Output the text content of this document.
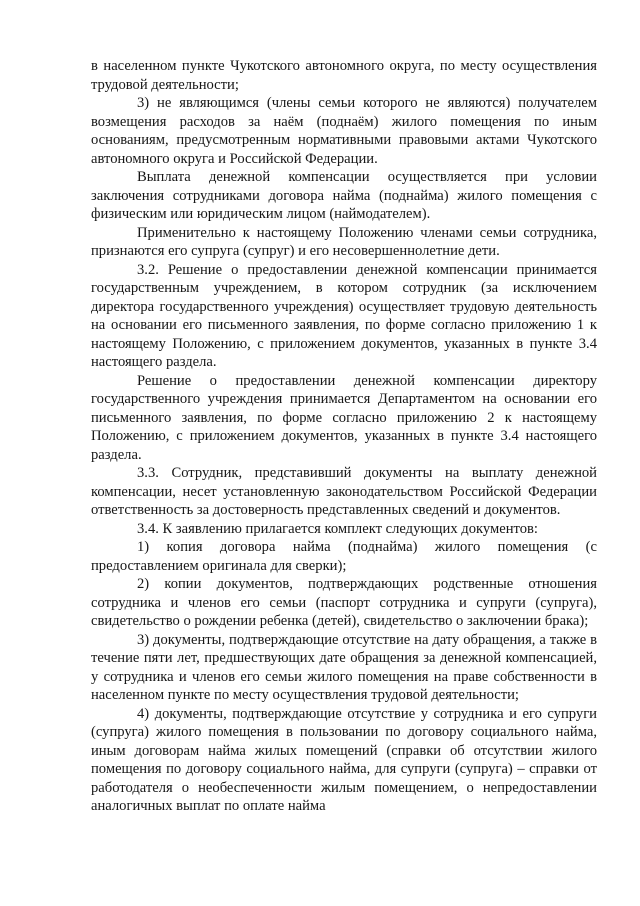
в населенном пункте Чукотского автономного округа, по месту осуществления трудовой деятельности;

3) не являющимся (члены семьи которого не являются) получателем возмещения расходов за наём (поднаём) жилого помещения по иным основаниям, предусмотренным нормативными правовыми актами Чукотского автономного округа и Российской Федерации.

Выплата денежной компенсации осуществляется при условии заключения сотрудниками договора найма (поднайма) жилого помещения с физическим или юридическим лицом (наймодателем).

Применительно к настоящему Положению членами семьи сотрудника, признаются его супруга (супруг) и его несовершеннолетние дети.

3.2. Решение о предоставлении денежной компенсации принимается государственным учреждением, в котором сотрудник (за исключением директора государственного учреждения) осуществляет трудовую деятельность на основании его письменного заявления, по форме согласно приложению 1 к настоящему Положению, с приложением документов, указанных в пункте 3.4 настоящего раздела.

Решение о предоставлении денежной компенсации директору государственного учреждения принимается Департаментом на основании его письменного заявления, по форме согласно приложению 2 к настоящему Положению, с приложением документов, указанных в пункте 3.4 настоящего раздела.

3.3. Сотрудник, представивший документы на выплату денежной компенсации, несет установленную законодательством Российской Федерации ответственность за достоверность представленных сведений и документов.

3.4. К заявлению прилагается комплект следующих документов:

1) копия договора найма (поднайма) жилого помещения (с предоставлением оригинала для сверки);

2) копии документов, подтверждающих родственные отношения сотрудника и членов его семьи (паспорт сотрудника и супруги (супруга), свидетельство о рождении ребенка (детей), свидетельство о заключении брака);

3) документы, подтверждающие отсутствие на дату обращения, а также в течение пяти лет, предшествующих дате обращения за денежной компенсацией, у сотрудника и членов его семьи жилого помещения на праве собственности в населенном пункте по месту осуществления трудовой деятельности;

4) документы, подтверждающие отсутствие у сотрудника и его супруги (супруга) жилого помещения в пользовании по договору социального найма, иным договорам найма жилых помещений (справки об отсутствии жилого помещения по договору социального найма, для супруги (супруга) – справки от работодателя о необеспеченности жилым помещением, о непредоставлении аналогичных выплат по оплате найма
